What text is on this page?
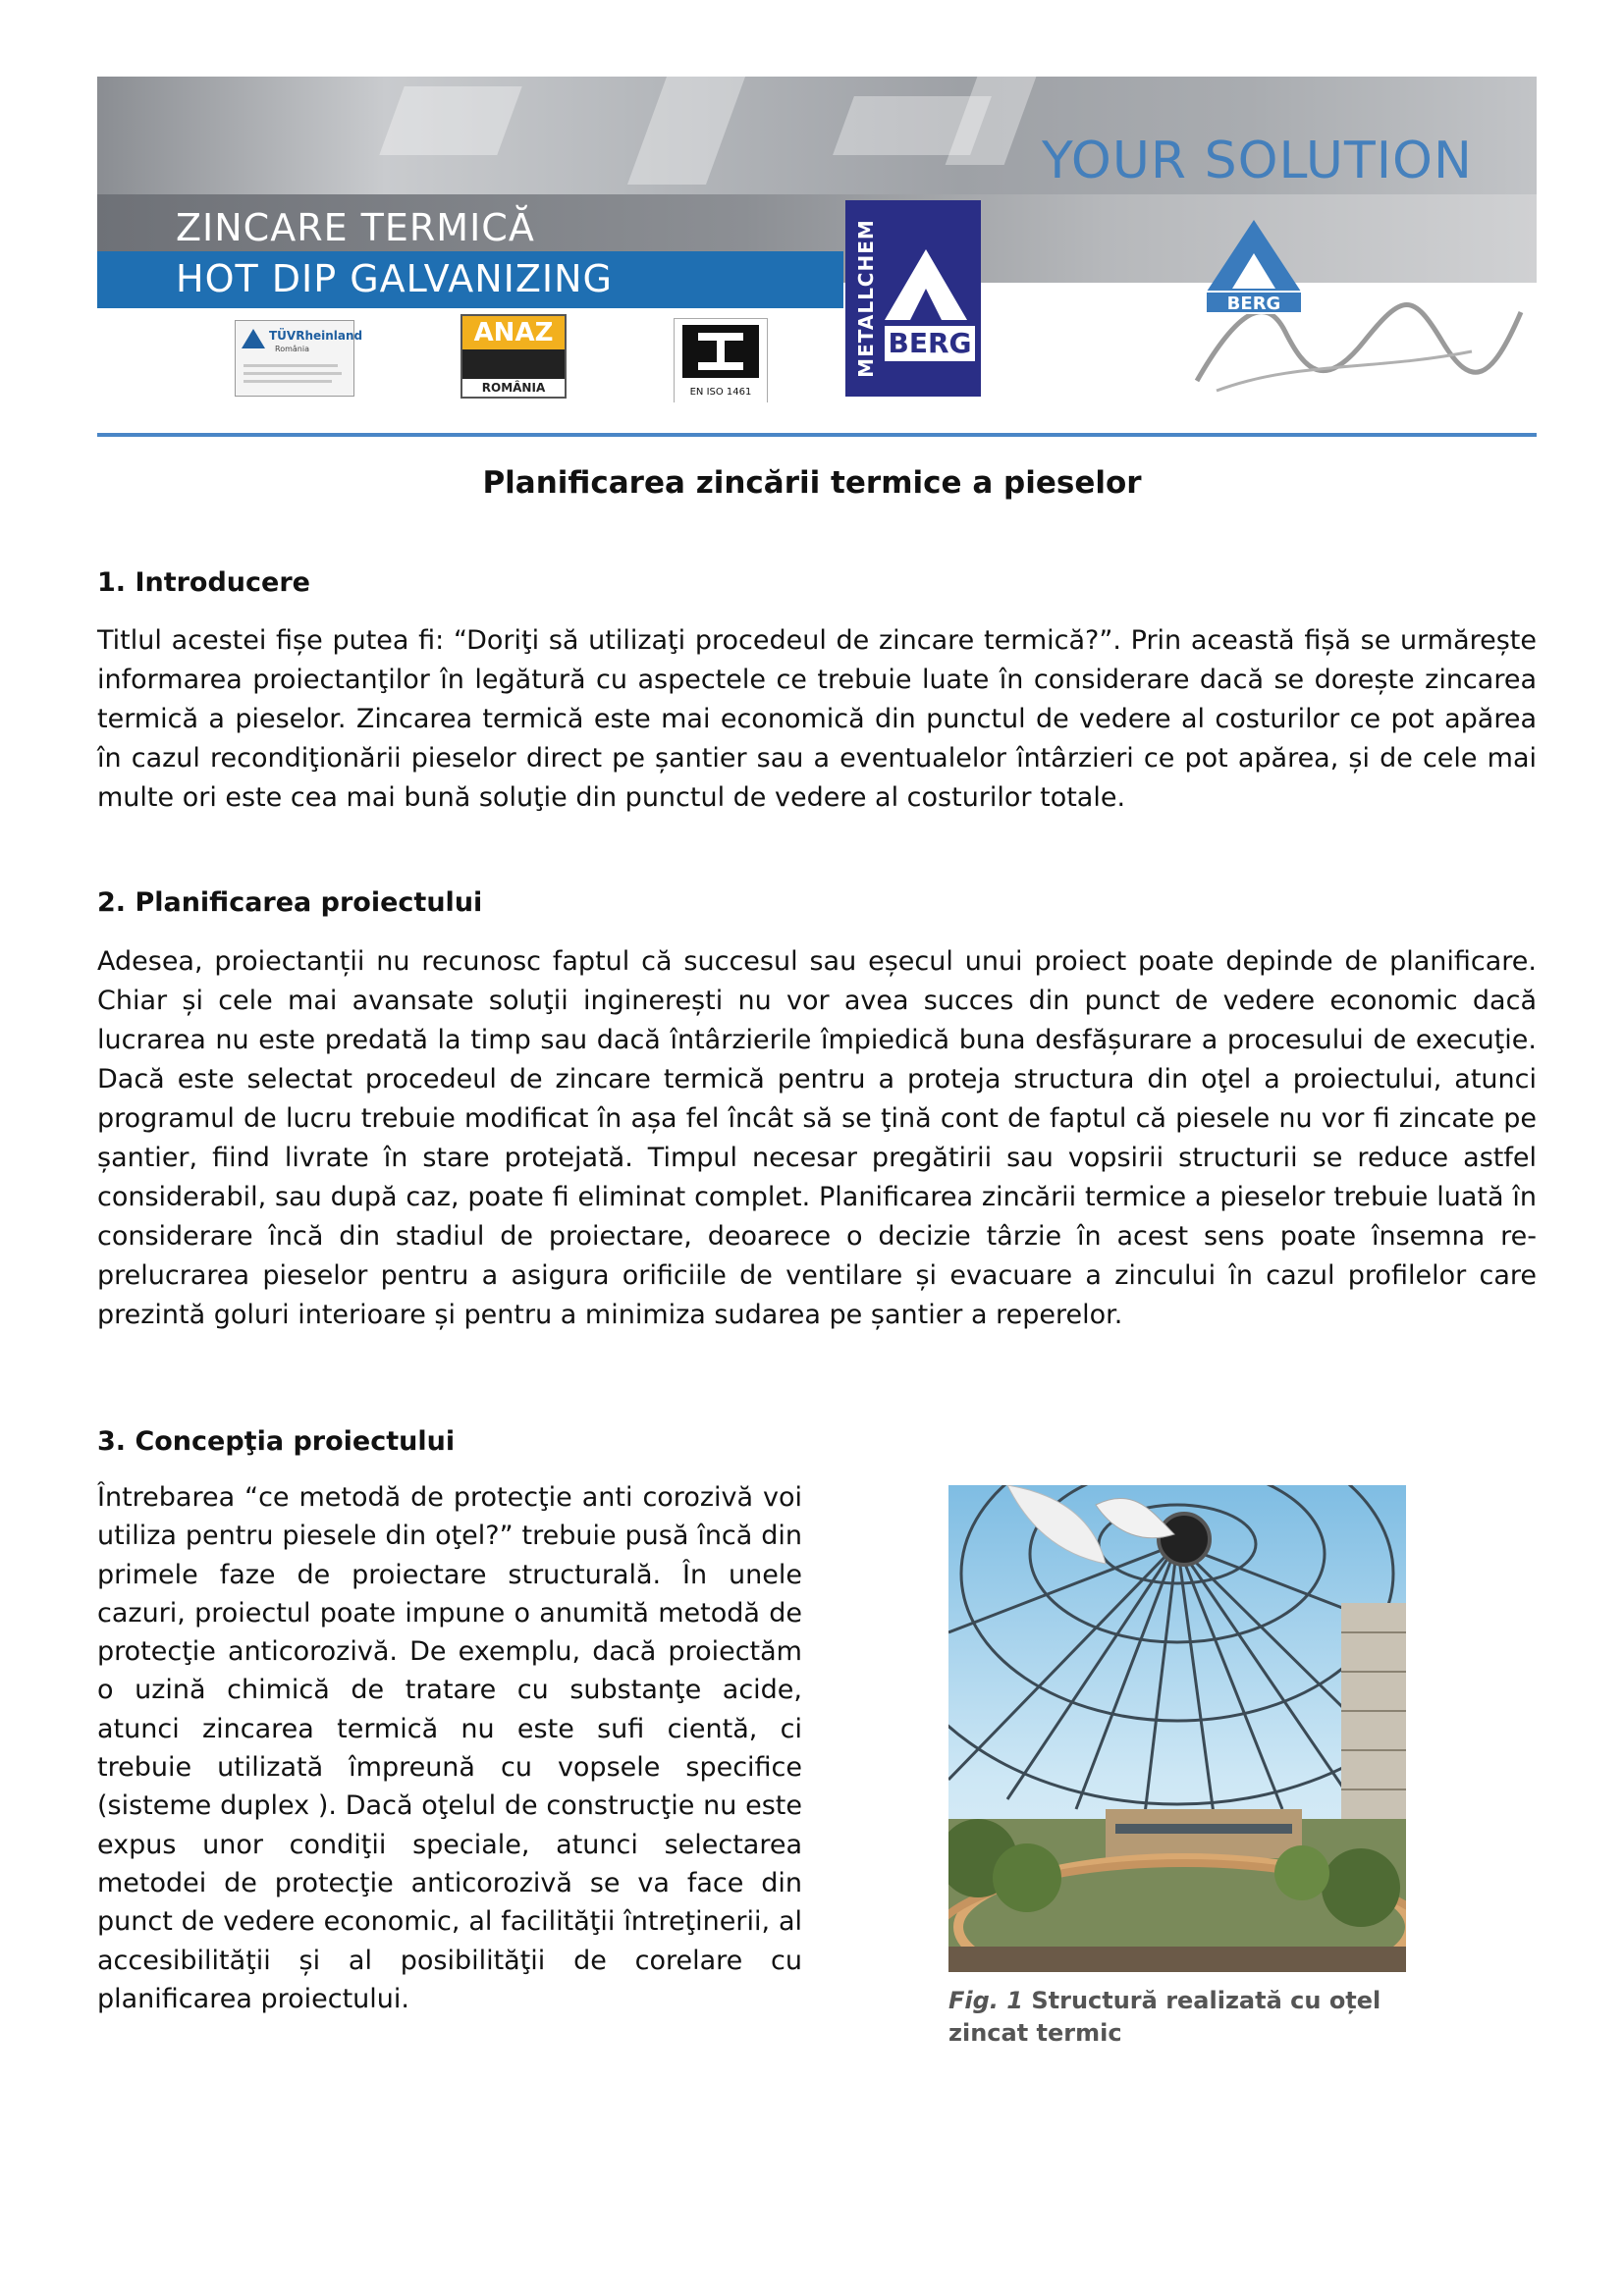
ZINCARE TERMICĂ
HOT DIP GALVANIZING
YOUR SOLUTION
TÜVRheinland
România
ANAZ
ROMÂNIA	EN ISO 1461
METALLCHEM BERG
BERG
Planificarea zincării termice a pieselor
1. Introducere
Titlul acestei fișe putea fi: “Doriţi să utilizaţi procedeul de zincare termică?”. Prin această fișă se urmărește informarea proiectanţilor în legătură cu aspectele ce trebuie luate în considerare dacă se dorește zincarea termică a pieselor. Zincarea termică este mai economică din punctul de vedere al costurilor ce pot apărea în cazul recondiţionării pieselor direct pe șantier sau a eventualelor întârzieri ce pot apărea, și de cele mai multe ori este cea mai bună soluţie din punctul de vedere al costurilor totale.
2. Planificarea proiectului
Adesea, proiectanții nu recunosc faptul că succesul sau eșecul unui proiect poate depinde de planificare. Chiar și cele mai avansate soluţii inginerești nu vor avea succes din punct de vedere economic dacă lucrarea nu este predată la timp sau dacă întârzierile împiedică buna desfășurare a procesului de execuţie. Dacă este selectat procedeul de zincare termică pentru a proteja structura din oţel a proiectului, atunci programul de lucru trebuie modificat în așa fel încât să se ţină cont de faptul că piesele nu vor fi zincate pe șantier, fiind livrate în stare protejată. Timpul necesar pregătirii sau vopsirii structurii se reduce astfel considerabil, sau după caz, poate fi eliminat complet. Planificarea zincării termice a pieselor trebuie luată în considerare încă din stadiul de proiectare, deoarece o decizie târzie în acest sens poate însemna re-prelucrarea pieselor pentru a asigura orificiile de ventilare și evacuare a zincului în cazul profilelor care prezintă goluri interioare și pentru a minimiza sudarea pe șantier a reperelor.
3. Concepţia proiectului
Întrebarea “ce metodă de protecţie anti corozivă voi utiliza pentru piesele din oţel?” trebuie pusă încă din primele faze de proiectare structurală. În unele cazuri, proiectul poate impune o anumită metodă de protecţie anticorozivă. De exemplu, dacă proiectăm o uzină chimică de tratare cu substanţe acide, atunci zincarea termică nu este sufi cientă, ci trebuie utilizată împreună cu vopsele specifice (sisteme duplex ). Dacă oţelul de construcţie nu este expus unor condiţii speciale, atunci selectarea metodei de protecţie anticorozivă se va face din punct de vedere economic, al facilităţii întreţinerii, al accesibilităţii și al posibilităţii de corelare cu planificarea proiectului.	Fig. 1 Structură realizată cu oțel zincat termic
